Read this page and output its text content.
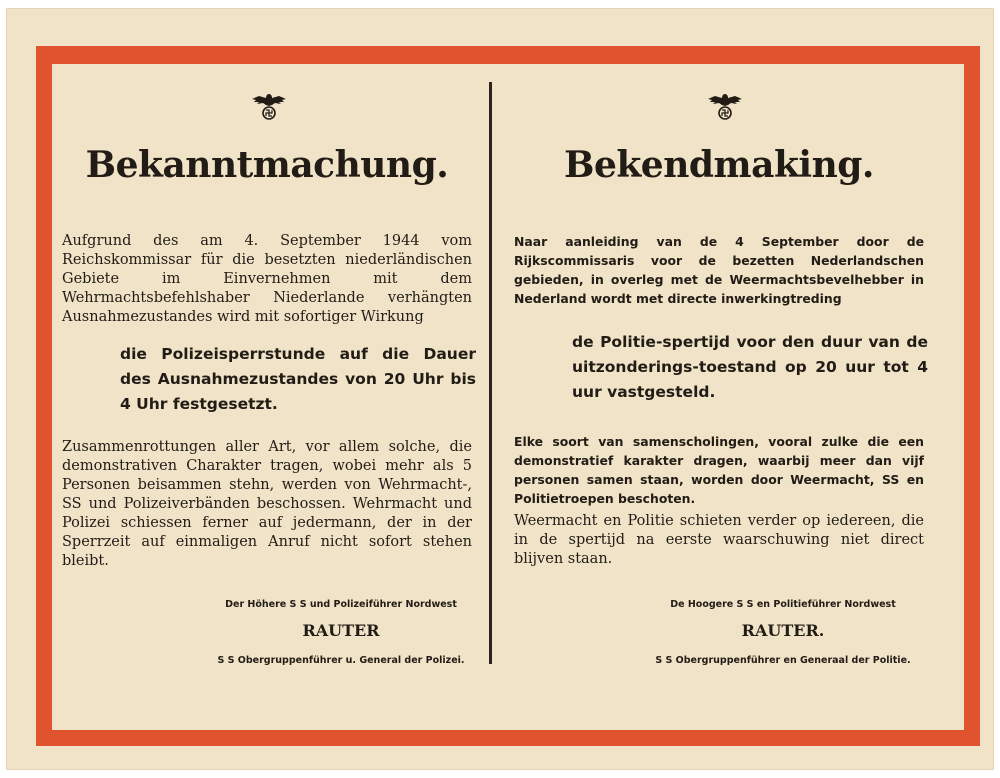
Bekanntmachung.
Aufgrund des am 4. September 1944 vom Reichskommissar für die besetzten niederländischen Gebiete im Einvernehmen mit dem Wehrmachtsbefehlshaber Niederlande verhängten Ausnahmezustandes wird mit sofortiger Wirkung
die Polizeisperrstunde auf die Dauer des Ausnahmezustandes von 20 Uhr bis 4 Uhr festgesetzt.
Zusammenrottungen aller Art, vor allem solche, die demonstrativen Charakter tragen, wobei mehr als 5 Personen beisammen stehn, werden von Wehrmacht-, SS und Polizeiverbänden beschossen. Wehrmacht und Polizei schiessen ferner auf jedermann, der in der Sperrzeit auf einmaligen Anruf nicht sofort stehen bleibt.
Der Höhere S S und Polizeiführer Nordwest
RAUTER
S S Obergruppenführer u. General der Polizei.
Bekendmaking.
Naar aanleiding van de 4 September door de Rijkscommissaris voor de bezetten Nederlandschen gebieden, in overleg met de Weermachtsbevelhebber in Nederland wordt met directe inwerkingtreding
de Politie-spertijd voor den duur van de uitzonderings-toestand op 20 uur tot 4 uur vastgesteld.
Elke soort van samenscholingen, vooral zulke die een demonstratief karakter dragen, waarbij meer dan vijf personen samen staan, worden door Weermacht, SS en Politietroepen beschoten.
Weermacht en Politie schieten verder op iedereen, die in de spertijd na eerste waarschuwing niet direct blijven staan.
De Hoogere S S en Politieführer Nordwest
RAUTER.
S S Obergruppenführer en Generaal der Politie.
